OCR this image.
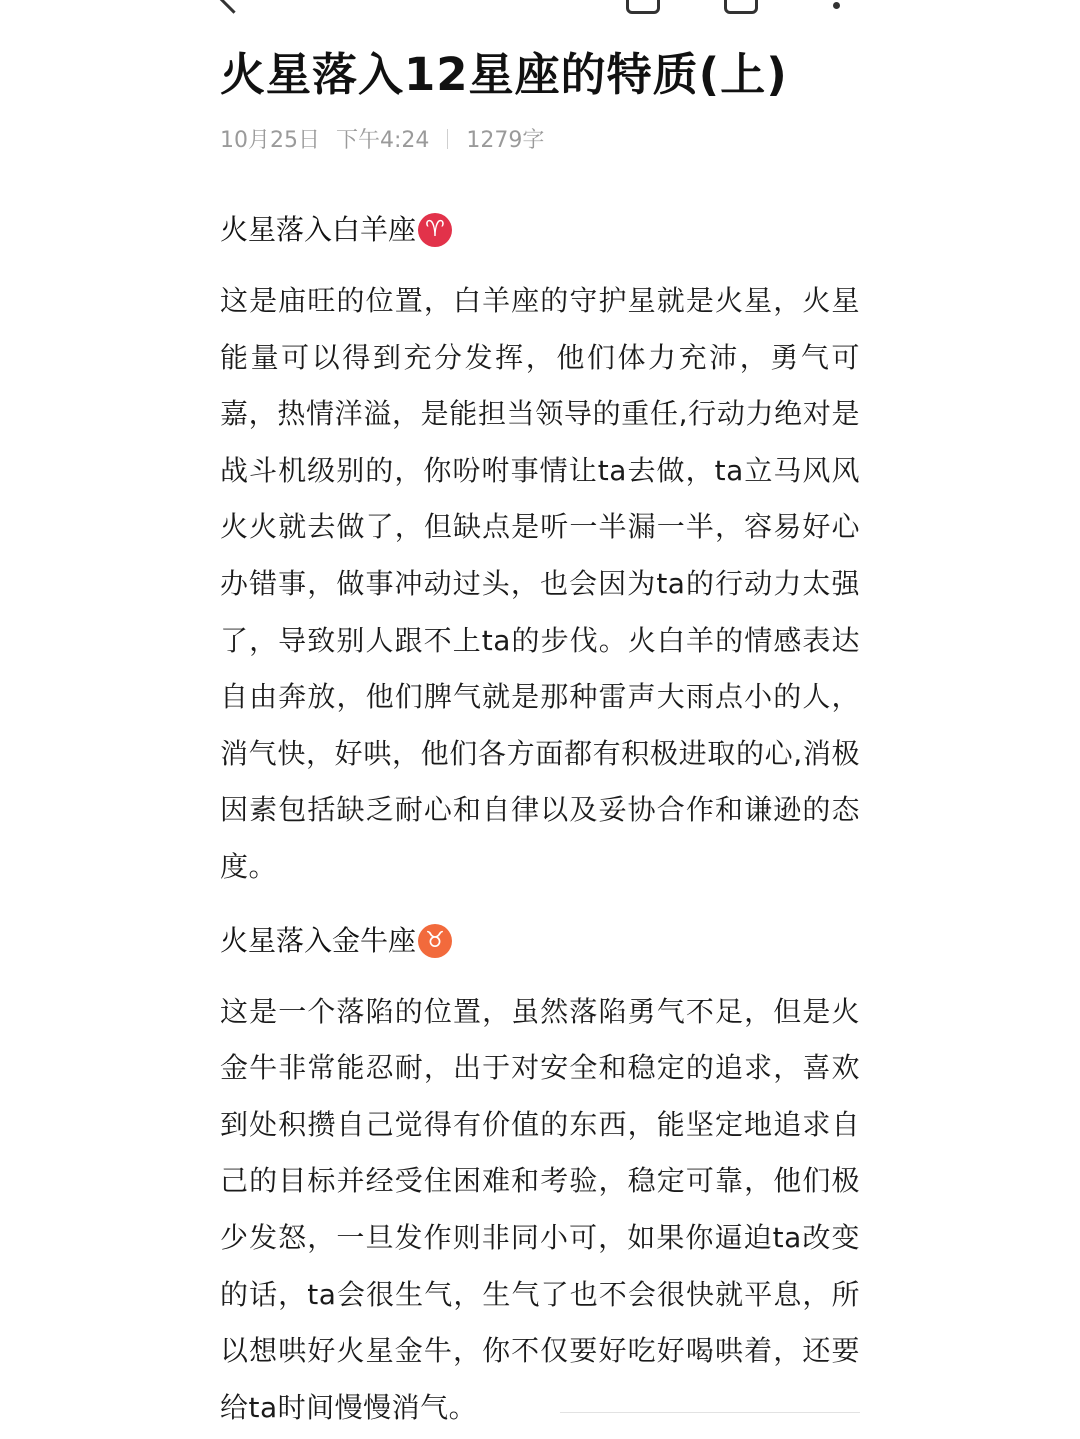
火星落入12星座的特质(上)
10月25日 下午4:24 1279字
火星落入白羊座 ♈

这是庙旺的位置，白羊座的守护星就是火星，火星能量可以得到充分发挥，他们体力充沛，勇气可嘉，热情洋溢，是能担当领导的重任,行动力绝对是战斗机级别的，你吩咐事情让ta去做，ta立马风风火火就去做了，但缺点是听一半漏一半，容易好心办错事，做事冲动过头，也会因为ta的行动力太强了，导致别人跟不上ta的步伐。火白羊的情感表达自由奔放，他们脾气就是那种雷声大雨点小的人，消气快，好哄，他们各方面都有积极进取的心,消极因素包括缺乏耐心和自律以及妥协合作和谦逊的态度。

火星落入金牛座 ♉

这是一个落陷的位置，虽然落陷勇气不足，但是火金牛非常能忍耐，出于对安全和稳定的追求，喜欢到处积攒自己觉得有价值的东西，能坚定地追求自己的目标并经受住困难和考验，稳定可靠，他们极少发怒，一旦发作则非同小可，如果你逼迫ta改变的话，ta会很生气，生气了也不会很快就平息，所以想哄好火星金牛，你不仅要好吃好喝哄着，还要给ta时间慢慢消气。
